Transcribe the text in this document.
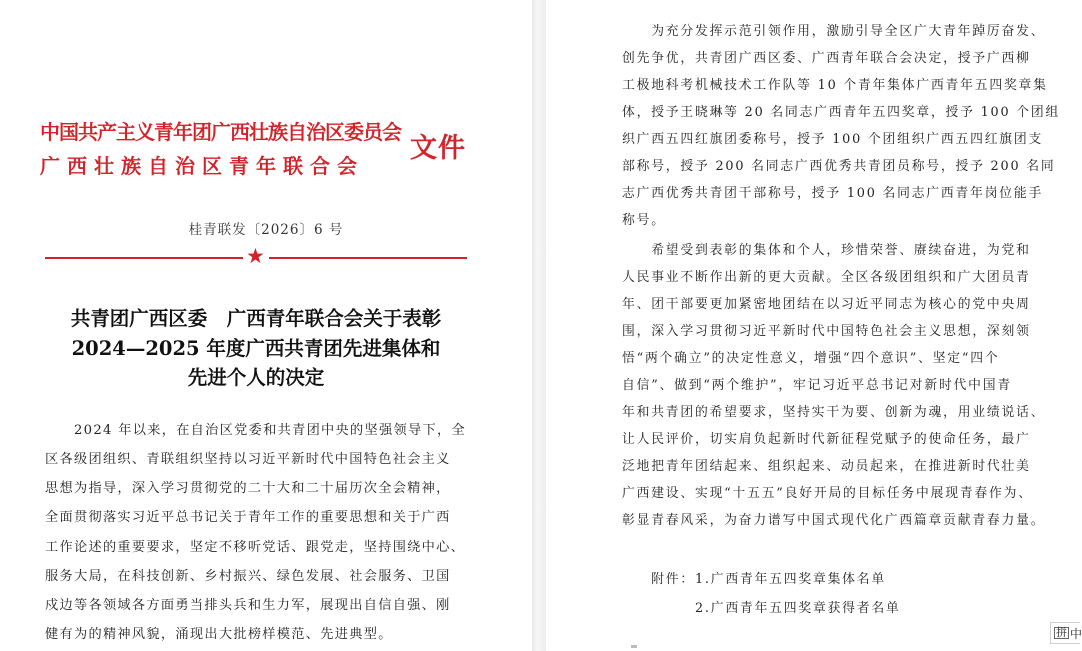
中国共产主义青年团广西壮族自治区委员会
广西壮族自治区青年联合会
文件
桂青联发〔2026〕6 号
★
共青团广西区委　广西青年联合会关于表彰
2024—2025 年度广西共青团先进集体和
先进个人的决定
　　2024 年以来，在自治区党委和共青团中央的坚强领导下，全
区各级团组织、青联组织坚持以习近平新时代中国特色社会主义
思想为指导，深入学习贯彻党的二十大和二十届历次全会精神，
全面贯彻落实习近平总书记关于青年工作的重要思想和关于广西
工作论述的重要要求，坚定不移听党话、跟党走，坚持围绕中心、
服务大局，在科技创新、乡村振兴、绿色发展、社会服务、卫国
戍边等各领域各方面勇当排头兵和生力军，展现出自信自强、刚
健有为的精神风貌，涌现出大批榜样模范、先进典型。
　　为充分发挥示范引领作用，激励引导全区广大青年踔厉奋发、
创先争优，共青团广西区委、广西青年联合会决定，授予广西柳
工极地科考机械技术工作队等 10 个青年集体广西青年五四奖章集
体，授予王晓琳等 20 名同志广西青年五四奖章，授予 100 个团组
织广西五四红旗团委称号，授予 100 个团组织广西五四红旗团支
部称号，授予 200 名同志广西优秀共青团员称号，授予 200 名同
志广西优秀共青团干部称号，授予 100 名同志广西青年岗位能手
称号。
　　希望受到表彰的集体和个人，珍惜荣誉、赓续奋进，为党和
人民事业不断作出新的更大贡献。全区各级团组织和广大团员青
年、团干部要更加紧密地团结在以习近平同志为核心的党中央周
围，深入学习贯彻习近平新时代中国特色社会主义思想，深刻领
悟“两个确立”的决定性意义，增强“四个意识”、坚定“四个
自信”、做到“两个维护”，牢记习近平总书记对新时代中国青
年和共青团的希望要求，坚持实干为要、创新为魂，用业绩说话、
让人民评价，切实肩负起新时代新征程党赋予的使命任务，最广
泛地把青年团结起来、组织起来、动员起来，在推进新时代壮美
广西建设、实现“十五五”良好开局的目标任务中展现青春作为、
彰显青春风采，为奋力谱写中国式现代化广西篇章贡献青春力量。
　　附件：1.广西青年五四奖章集体名单
　　　　　2.广西青年五四奖章获得者名单
拼 中
